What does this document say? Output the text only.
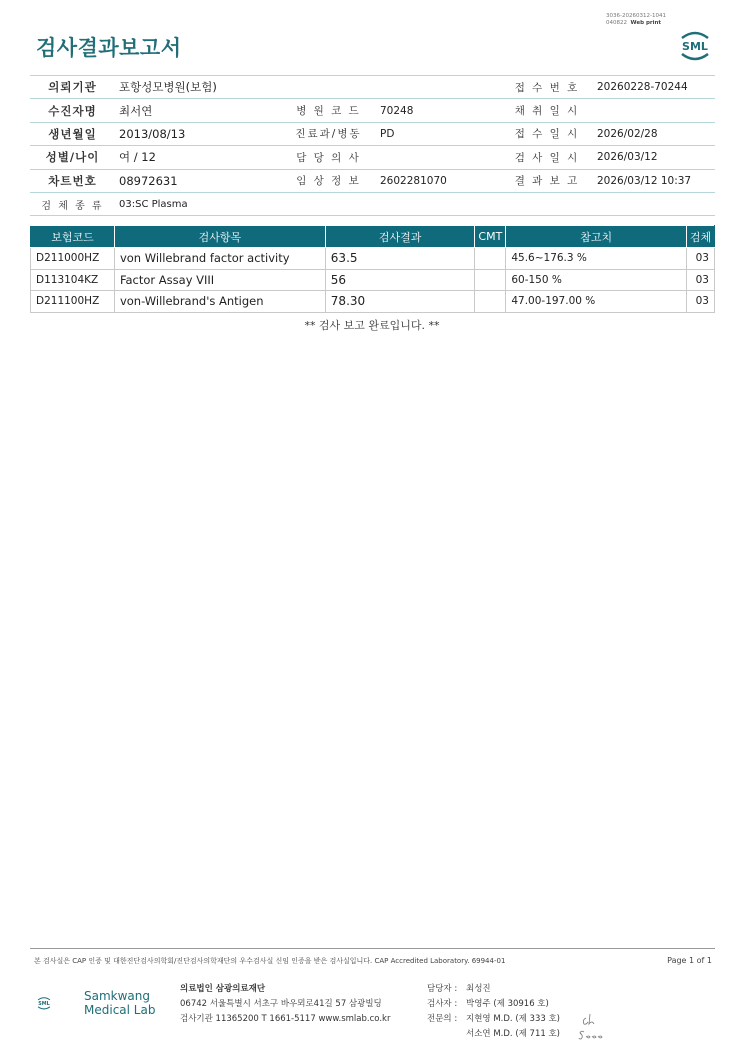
검사결과보고서
3036-20260312-1041
040822 Web print
SML
의뢰기관	포항성모병원(보험)			접 수 번 호	20260228-70244
수진자명	최서연	병 원 코 드	70248	채 취 일 시	
생년월일	2013/08/13	진료과/병동	PD	접 수 일 시	2026/02/28
성별/나이	여 / 12	담 당 의 사		검 사 일 시	2026/03/12
차트번호	08972631	임 상 정 보	2602281070	결 과 보 고	2026/03/12 10:37
검 체 종 류	03:SC Plasma				
보험코드	검사항목	검사결과	CMT	참고치	검체
D211000HZ	von Willebrand factor activity	63.5		45.6~176.3 %	03
D113104KZ	Factor Assay VIII	56		60-150 %	03
D211100HZ	von-Willebrand's Antigen	78.30		47.00-197.00 %	03
** 검사 보고 완료입니다. **
본 검사실은 CAP 인증 및 대한진단검사의학회/진단검사의학재단의 우수검사실 신임 인증을 받은 검사실입니다. CAP Accredited Laboratory. 69944-01	Page 1 of 1
SML
Samkwang
Medical Lab
의료법인 삼광의료재단
06742 서울특별시 서초구 바우뫼로41길 57 삼광빌딩
검사기관 11365200 T 1661-5117 www.smlab.co.kr
담당자 :	최성진
검사자 :	박영주 (제 30916 호)
전문의 :	지현영 M.D. (제 333 호)
서소연 M.D. (제 711 호)
